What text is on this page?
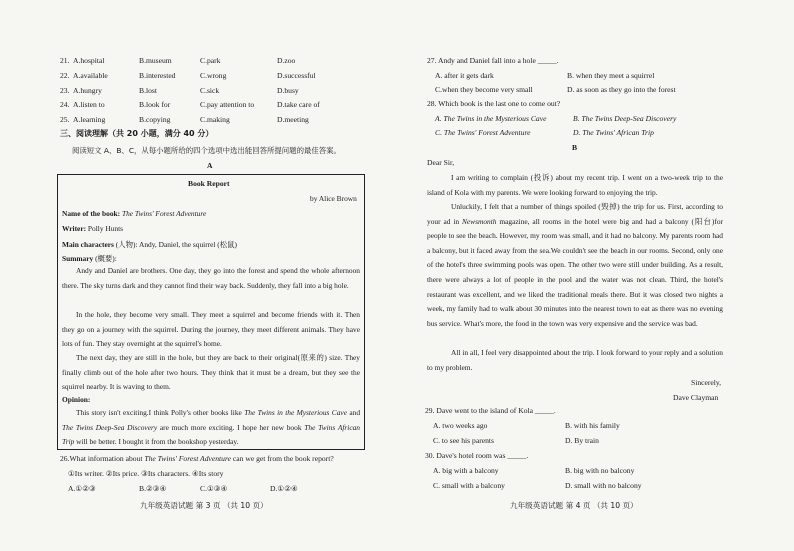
21. A.hospital	B.museum	C.park	D.zoo
22. A.available	B.interested	C.wrong	D.successful
23. A.hungry	B.lost	C.sick	D.busy
24. A.listen to	B.look for	C.pay attention to	D.take care of
25. A.learning	B.copying	C.making	D.meeting
三、阅读理解（共 20 小题，满分 40 分）
阅读短文 A、B、C，从每小题所给的四个选项中选出能回答所提问题的最佳答案。
A
Book Report
by Alice Brown
Name of the book: The Twins' Forest Adventure
Writer: Polly Hunts
Main characters (人物): Andy, Daniel, the squirrel (松鼠)
Summary (概要):
Andy and Daniel are brothers. One day, they go into the forest and spend the whole afternoon there. The sky turns dark and they cannot find their way back. Suddenly, they fall into a big hole.
In the hole, they become very small. They meet a squirrel and become friends with it. Then they go on a journey with the squirrel. During the journey, they meet different animals. They have lots of fun. They stay overnight at the squirrel's home.
The next day, they are still in the hole, but they are back to their original(原来的) size. They finally climb out of the hole after two hours. They think that it must be a dream, but they see the squirrel nearby. It is waving to them.
Opinion:
This story isn't exciting.I think Polly's other books like The Twins in the Mysterious Cave and The Twins Deep-Sea Discovery are much more exciting. I hope her new book The Twins African Trip will be better. I bought it from the bookshop yesterday.
26.What information about The Twins' Forest Adventure can we get from the book report?
①Its writer. ②Its price. ③Its characters. ④Its story
A.①②③	B.②③④	C.①③④	D.①②④
九年级英语试题 第 3 页 （共 10 页）
27. Andy and Daniel fall into a hole _____.
A. after it gets dark	B. when they meet a squirrel
C.when they become very small	D. as soon as they go into the forest
28. Which book is the last one to come out?
A. The Twins in the Mysterious Cave	B. The Twins Deep-Sea Discovery
C. The Twins' Forest Adventure	D. The Twins' African Trip
B
Dear Sir,
I am writing to complain (投诉) about my recent trip. I went on a two-week trip to the island of Kola with my parents. We were looking forward to enjoying the trip.
Unluckily, I felt that a number of things spoiled (毁掉) the trip for us. First, according to your ad in Newsmonth magazine, all rooms in the hotel were big and had a balcony (阳台)for people to see the beach. However, my room was small, and it had no balcony. My parents room had a balcony, but it faced away from the sea.We couldn't see the beach in our rooms. Second, only one of the hotel's three swimming pools was open. The other two were still under building. As a result, there were always a lot of people in the pool and the water was not clean. Third, the hotel's restaurant was excellent, and we liked the traditional meals there. But it was closed two nights a week, my family had to walk about 30 minutes into the nearest town to eat as there was no evening bus service. What's more, the food in the town was very expensive and the service was bad.
All in all, I feel very disappointed about the trip. I look forward to your reply and a solution to my problem.
Sincerely,
Dave Clayman
29. Dave went to the island of Kola _____.
A. two weeks ago	B. with his family
C. to see his parents	D. By train
30. Dave's hotel room was _____.
A. big with a balcony	B. big with no balcony
C. small with a balcony	D. small with no balcony
九年级英语试题 第 4 页 （共 10 页）
